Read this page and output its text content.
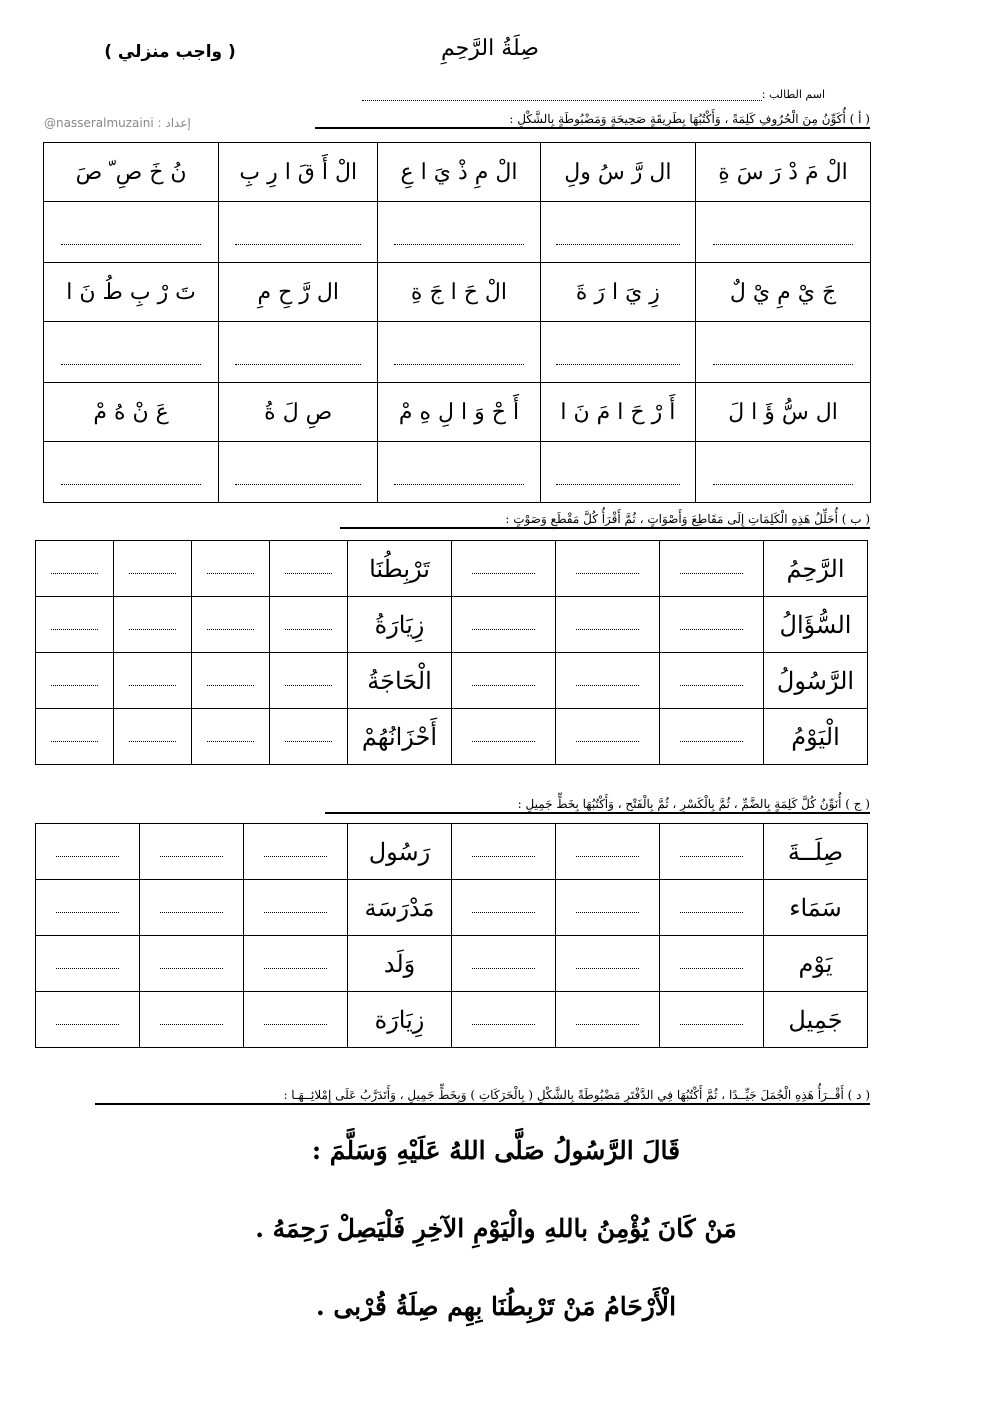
صِلَةُ الرَّحِمِ
( واجب منزلي )
اسم الطالب :
@nasseralmuzaini : إعداد	( أ ) أُكَوِّنُ مِنَ الْحُرُوفِ كَلِمَةً ، وَأَكْتُبُهَا بِطَرِيقَةٍ صَحِيحَةٍ وَمَضْبُوطَةٍ بِالشَّكْلِ :
الْ مَ دْ رَ سَ ةِ	ال رَّ سُ ولِ	الْ مِ ذْ يَ ا عِ	الْ أَ قَ ا رِ بِ	نُ خَ صِ ّ صَ

جَ يْ مِ يْ لٌ	زِ يَ ا رَ ةَ	الْ حَ ا جَ ةِ	ال رَّ حِ مِ	تَ رْ بِ طُ نَ ا

ال سُّ ؤَ ا لَ	أَ رْ حَ ا مَ نَ ا	أَ حْ وَ ا لِ هِ مْ	صِ لَ ةُ	عَ نْ هُ مْ

( ب ) أُحَلِّلُ هَذِهِ الْكَلِمَاتِ إِلَى مَقَاطِعَ وَأَصْوَاتٍ ، ثُمَّ أَقْرَأُ كُلَّ مَقْطَعٍ وَصَوْتٍ :
الرَّحِمُ				تَرْبِطُنَا				
السُّؤَالُ				زِيَارَةُ				
الرَّسُولُ				الْحَاجَةُ				
الْيَوْمُ				أَحْزَانُهُمْ				
( ج ) أُنَوِّنُ كُلَّ كَلِمَةٍ بِالضَّمِّ ، ثُمَّ بِالْكَسْرِ ، ثُمَّ بِالْفَتْحِ ، وَأَكْتُبُهَا بِخَطٍّ جَمِيلٍ :
صِلَــةَ				رَسُول			
سَمَاء				مَدْرَسَة			
يَوْم				وَلَد			
جَمِيل				زِيَارَة			
( د ) أَقْــرَأُ هَذِهِ الْجُمَلَ جَيِّــدًا ، ثُمَّ أَكْتُبُهَا فِي الدَّفْتَرِ مَضْبُوطَةً بِالشَّكْلِ ( بِالْحَرَكَاتِ ) وَبِخَطٍّ جَمِيلٍ ، وَأَتَدَرَّبُ عَلَى إِمْلائِــهَـا :
قَالَ الرَّسُولُ صَلَّى اللهُ عَلَيْهِ وَسَلَّمَ :
مَنْ كَانَ يُؤْمِنُ باللهِ والْيَوْمِ الآخِرِ فَلْيَصِلْ رَحِمَهُ .
الْأَرْحَامُ مَنْ تَرْبِطُنَا بِهِم صِلَةُ قُرْبى .
